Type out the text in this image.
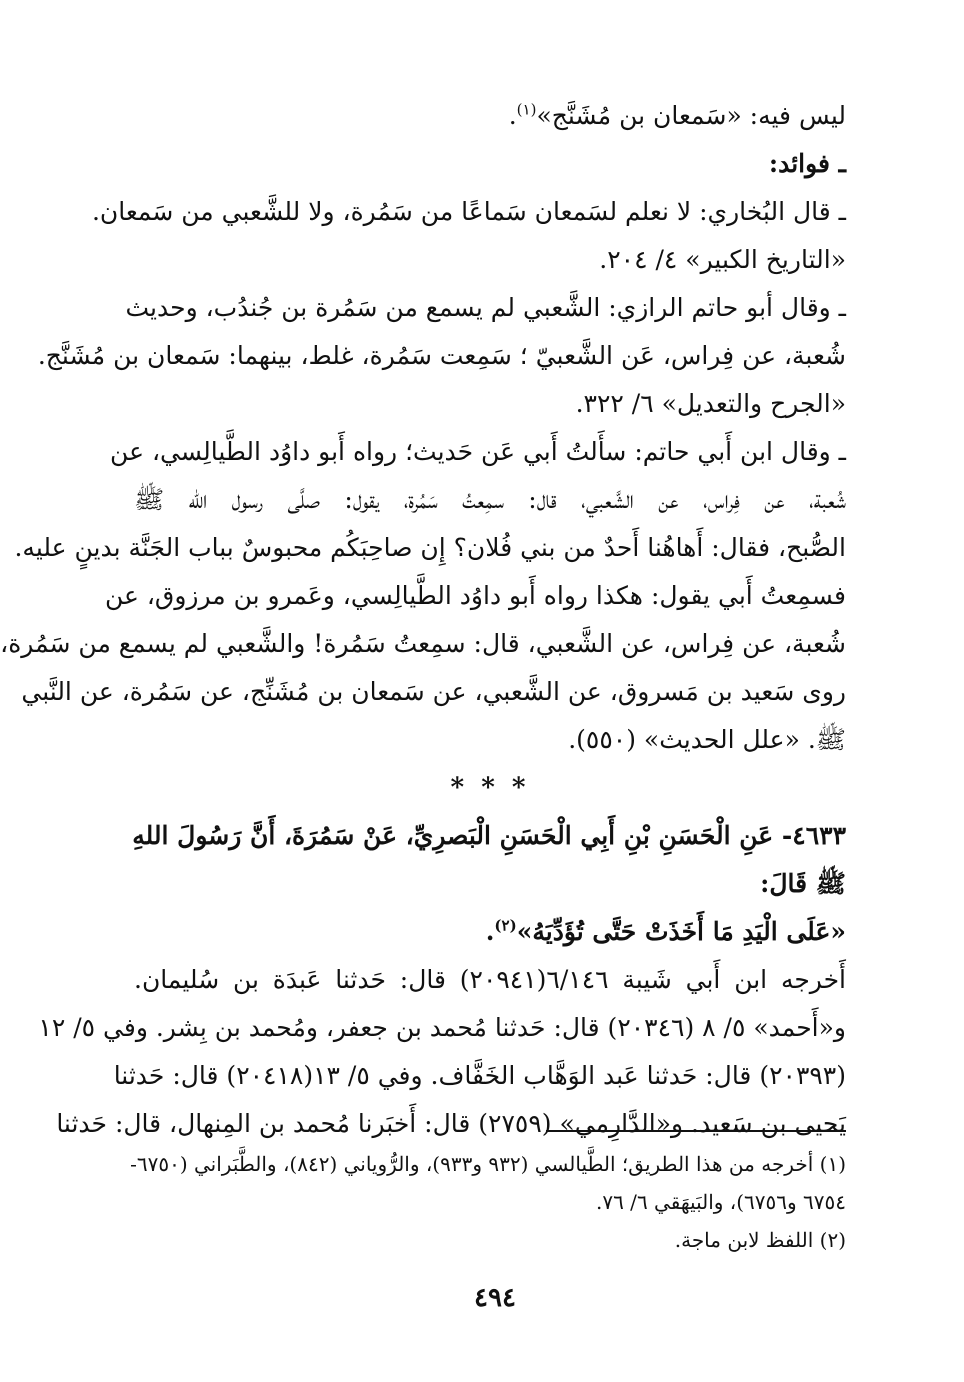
ليس فيه: «سَمعان بن مُشَنَّج»$^{(١)}$.
ـ فوائد:
ـ قال البُخاري: لا نعلم لسَمعان سَماعًا من سَمُرة، ولا للشَّعبي من سَمعان.
«التاريخ الكبير» ٤/ ٢٠٤.
ـ وقال أبو حاتم الرازي: الشَّعبي لم يسمع من سَمُرة بن جُندُب، وحديث
شُعبة، عن فِراس، عَن الشَّعبيّ ؛ سَمِعت سَمُرة، غلط، بينهما: سَمعان بن مُشَنَّج.
«الجرح والتعديل» ٦/ ٣٢٢.
ـ وقال ابن أَبي حاتم: سأَلتُ أَبي عَن حَديث؛ رواه أَبو داوُد الطَّيالِسي، عن
شُعبة، عن فِراس، عن الشَّعبي، قال: سمِعتُ سَمُرة، يقول: صلَّى رسول الله ﷺ
الصُّبح، فقال: أَهاهُنا أَحدٌ من بني فُلان؟ إِن صاحِبَكُم محبوسٌ بباب الجَنَّة بدينٍ عليه.
فسمِعتُ أَبي يقول: هكذا رواه أَبو داوُد الطَّيالِسي، وعَمرو بن مرزوق، عن
شُعبة، عن فِراس، عن الشَّعبي، قال: سمِعتُ سَمُرة! والشَّعبي لم يسمع من سَمُرة،
روى سَعيد بن مَسروق، عن الشَّعبي، عن سَمعان بن مُشَنِّج، عن سَمُرة، عن النَّبي
ﷺ. «علل الحديث» (٥٥٠).
* * *
٤٦٣٣- عَنِ الْحَسَنِ بْنِ أَبِي الْحَسَنِ الْبَصرِيِّ، عَنْ سَمُرَةَ، أَنَّ رَسُولَ اللهِ
ﷺ قَالَ:
«عَلَى الْيَدِ مَا أَخَذَتْ حَتَّى تُؤَدِّيَهُ»$^{(٢)}$.
أَخرجه ابن أَبي شَيبة ٦/١٤٦(٢٠٩٤١) قال: حَدثنا عَبدَة بن سُليمان.
و«أَحمد» ٥/ ٨ (٢٠٣٤٦) قال: حَدثنا مُحمد بن جعفر، ومُحمد بن بِشر. وفي ٥/ ١٢
(٢٠٣٩٣) قال: حَدثنا عَبد الوَهَّاب الخَفَّاف. وفي ٥/ ١٣(٢٠٤١٨) قال: حَدثنا
يَحيى بن سَعيد. و«الدَّارِمي» (٢٧٥٩) قال: أَخبَرنا مُحمد بن المِنهال، قال: حَدثنا
(١) أخرجه من هذا الطريق؛ الطَّيالسي (٩٣٢ و٩٣٣)، والرُّوياني (٨٤٢)، والطَّبَراني (٦٧٥٠-
٦٧٥٤ و٦٧٥٦)، والبَيهَقي ٦/ ٧٦.
(٢) اللفظ لابن ماجة.
٤٩٤
